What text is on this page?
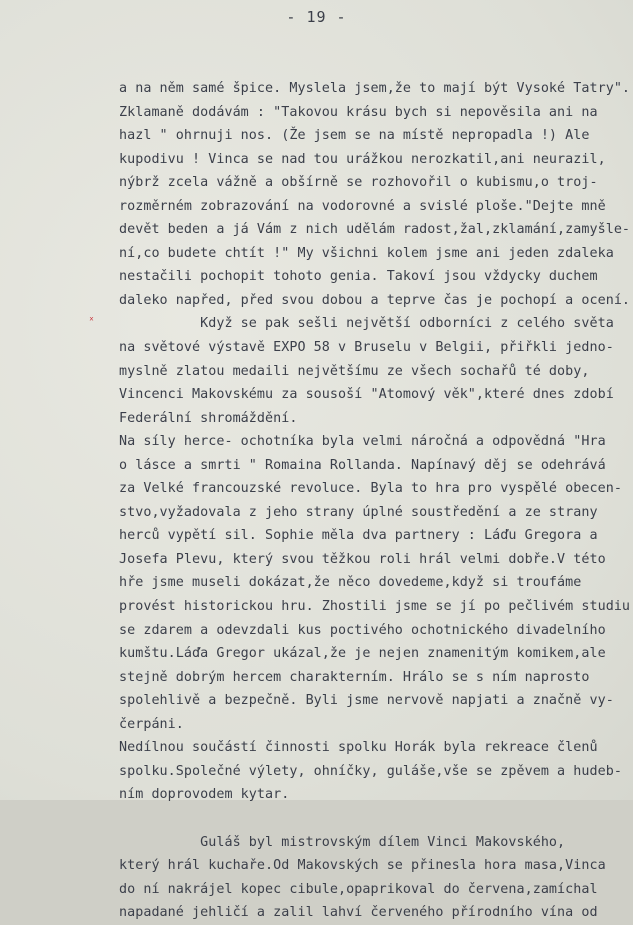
- 19 -
a na něm samé špice. Myslela jsem,že to mají být Vysoké Tatry".
Zklamaně dodávám : "Takovou krásu bych si nepověsila ani na
hazl " ohrnuji nos. (Že jsem se na místě nepropadla !) Ale
kupodivu ! Vinca se nad tou urážkou nerozkatil,ani neurazil,
nýbrž zcela vážně a obšírně se rozhovořil o kubismu,o troj-
rozměrném zobrazování na vodorovné a svislé ploše."Dejte mně
devět beden a já Vám z nich udělám radost,žal,zklamání,zamyšle-
ní,co budete chtít !" My všichni kolem jsme ani jeden zdaleka
nestačili pochopit tohoto genia. Takoví jsou vždycky duchem
daleko napřed, před svou dobou a teprve čas je pochopí a ocení.
Když se pak sešli největší odborníci z celého světa
ˣ
na světové výstavě EXPO 58 v Bruselu v Belgii, přiřkli jedno-
myslně zlatou medaili největšímu ze všech sochařů té doby,
Vincenci Makovskému za sousoší "Atomový věk",které dnes zdobí
Federální shromáždění.
Na síly herce- ochotníka byla velmi náročná a odpovědná "Hra
o lásce a smrti " Romaina Rollanda. Napínavý děj se odehrává
za Velké francouzské revoluce. Byla to hra pro vyspělé obecen-
stvo,vyžadovala z jeho strany úplné soustředění a ze strany
herců vypětí sil. Sophie měla dva partnery : Láďu Gregora a
Josefa Plevu, který svou těžkou roli hrál velmi dobře.V této
hře jsme museli dokázat,že něco dovedeme,když si troufáme
provést historickou hru. Zhostili jsme se jí po pečlivém studiu
se zdarem a odevzdali kus poctivého ochotnického divadelního
kumštu.Láďa Gregor ukázal,že je nejen znamenitým komikem,ale
stejně dobrým hercem charakterním. Hrálo se s ním naprosto
spolehlivě a bezpečně. Byli jsme nervově napjati a značně vy-
čerpáni.
Nedílnou součástí činnosti spolku Horák byla rekreace členů
spolku.Společné výlety, ohníčky, guláše,vše se zpěvem a hudeb-
ním doprovodem kytar.
Guláš byl mistrovským dílem Vinci Makovského,
který hrál kuchaře.Od Makovských se přinesla hora masa,Vinca
do ní nakrájel kopec cibule,opaprikoval do červena,zamíchal
napadané jehličí a zalil lahví červeného přírodního vína od
